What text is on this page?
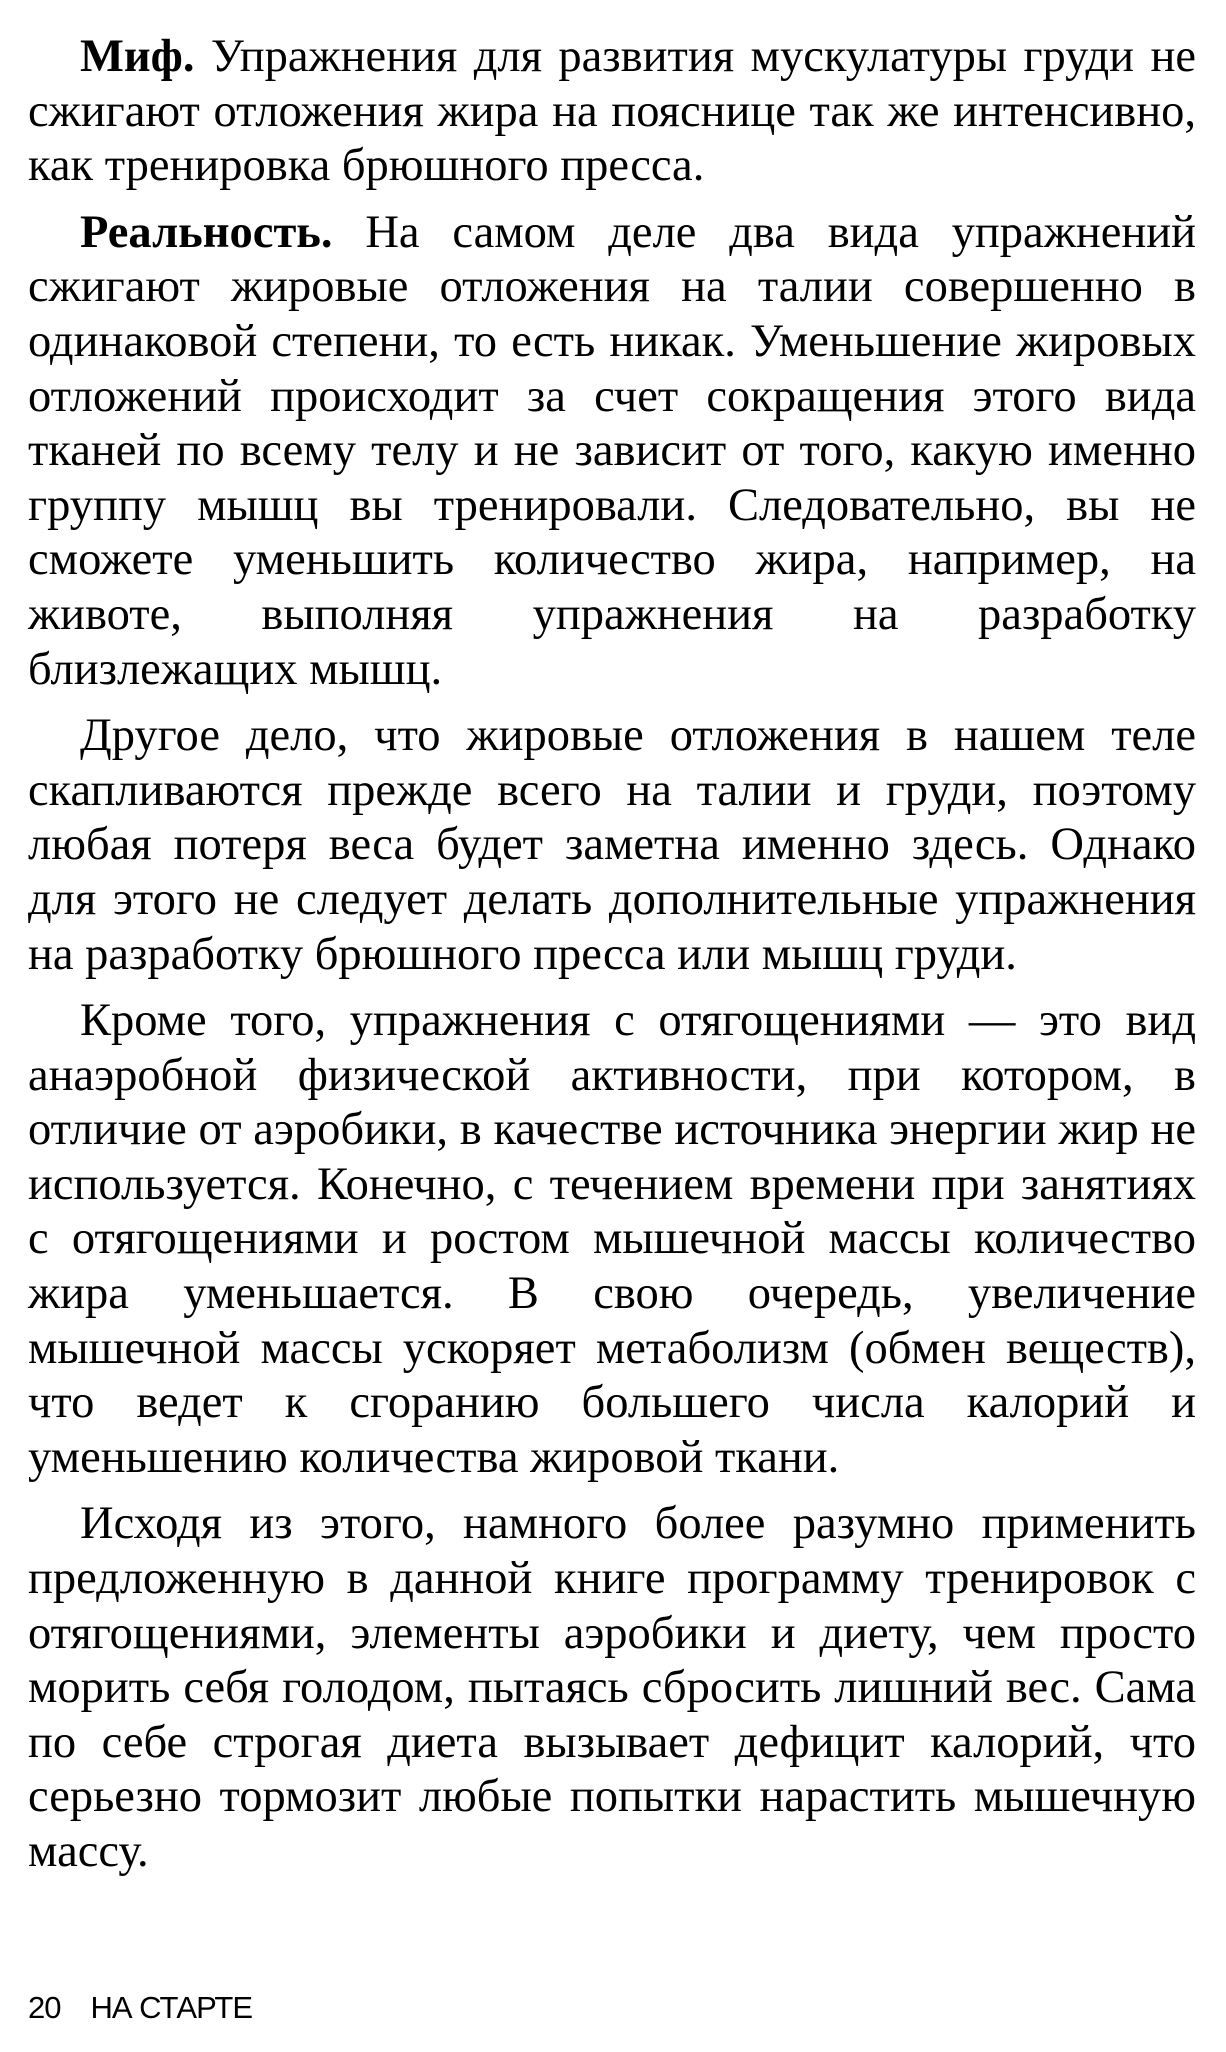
Миф. Упражнения для развития мускулатуры груди не сжигают отложения жира на пояснице так же интенсивно, как тренировка брюшного пресса.

Реальность. На самом деле два вида упражнений сжигают жировые отложения на талии совершенно в одинаковой степени, то есть никак. Уменьшение жировых отложений происходит за счет сокращения этого вида тканей по всему телу и не зависит от того, какую именно группу мышц вы тренировали. Следовательно, вы не сможете уменьшить количество жира, например, на животе, выполняя упражнения на разработку близлежащих мышц.

Другое дело, что жировые отложения в нашем теле скапливаются прежде всего на талии и груди, поэтому любая потеря веса будет заметна именно здесь. Однако для этого не следует делать дополнительные упражнения на разработку брюшного пресса или мышц груди.

Кроме того, упражнения с отягощениями — это вид анаэробной физической активности, при котором, в отличие от аэробики, в качестве источника энергии жир не используется. Конечно, с течением времени при занятиях с отягощениями и ростом мышечной массы количество жира уменьшается. В свою очередь, увеличение мышечной массы ускоряет метаболизм (обмен веществ), что ведет к сгоранию большего числа калорий и уменьшению количества жировой ткани.

Исходя из этого, намного более разумно применить предложенную в данной книге программу тренировок с отягощениями, элементы аэробики и диету, чем просто морить себя голодом, пытаясь сбросить лишний вес. Сама по себе строгая диета вызывает дефицит калорий, что серьезно тормозит любые попытки нарастить мышечную массу.

20 НА СТАРТЕ
